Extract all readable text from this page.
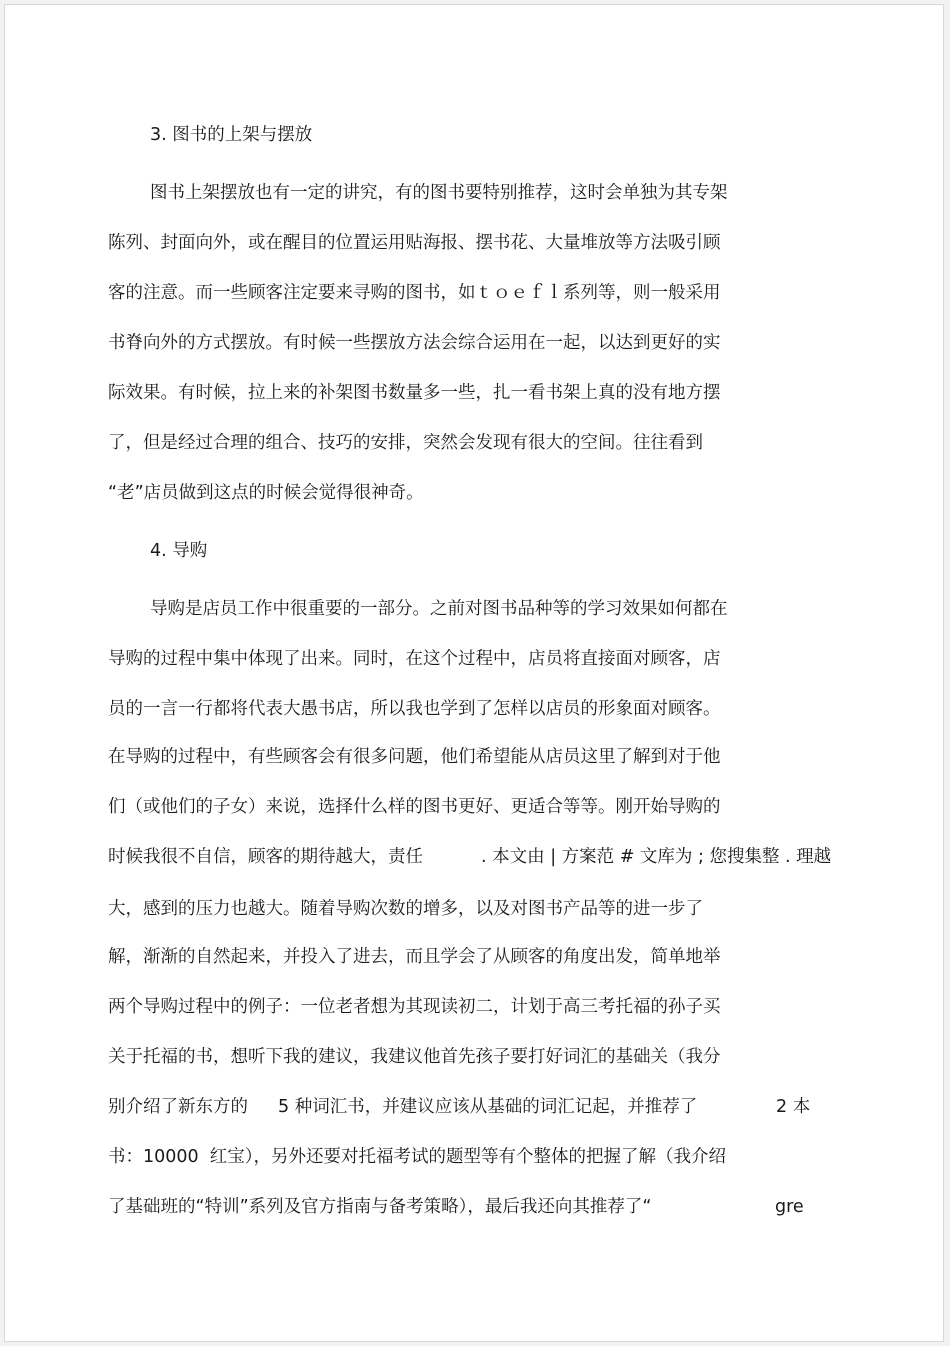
3. 图书的上架与摆放
图书上架摆放也有一定的讲究，有的图书要特别推荐，这时会单独为其专架
陈列、封面向外，或在醒目的位置运用贴海报、摆书花、大量堆放等方法吸引顾
客的注意。而一些顾客注定要来寻购的图书，如ｔｏｅｆｌ系列等，则一般采用
书脊向外的方式摆放。有时候一些摆放方法会综合运用在一起，以达到更好的实
际效果。有时候，拉上来的补架图书数量多一些，扎一看书架上真的没有地方摆
了，但是经过合理的组合、技巧的安排，突然会发现有很大的空间。往往看到
“老”店员做到这点的时候会觉得很神奇。
4. 导购
导购是店员工作中很重要的一部分。之前对图书品种等的学习效果如何都在
导购的过程中集中体现了出来。同时，在这个过程中，店员将直接面对顾客，店
员的一言一行都将代表大愚书店，所以我也学到了怎样以店员的形象面对顾客。
在导购的过程中，有些顾客会有很多问题，他们希望能从店员这里了解到对于他
们（或他们的子女）来说，选择什么样的图书更好、更适合等等。刚开始导购的
时候我很不自信，顾客的期待越大，责任	. 本文由 | 方案范 # 文库为 ; 您搜集整 . 理越
大，感到的压力也越大。随着导购次数的增多，以及对图书产品等的进一步了
解，渐渐的自然起来，并投入了进去，而且学会了从顾客的角度出发，简单地举
两个导购过程中的例子：一位老者想为其现读初二，计划于高三考托福的孙子买
关于托福的书，想听下我的建议，我建议他首先孩子要打好词汇的基础关（我分
别介绍了新东方的 5 种词汇书，并建议应该从基础的词汇记起，并推荐了	2 本
书：10000  红宝），另外还要对托福考试的题型等有个整体的把握了解（我介绍
了基础班的“特训”系列及官方指南与备考策略），最后我还向其推荐了“	gre
